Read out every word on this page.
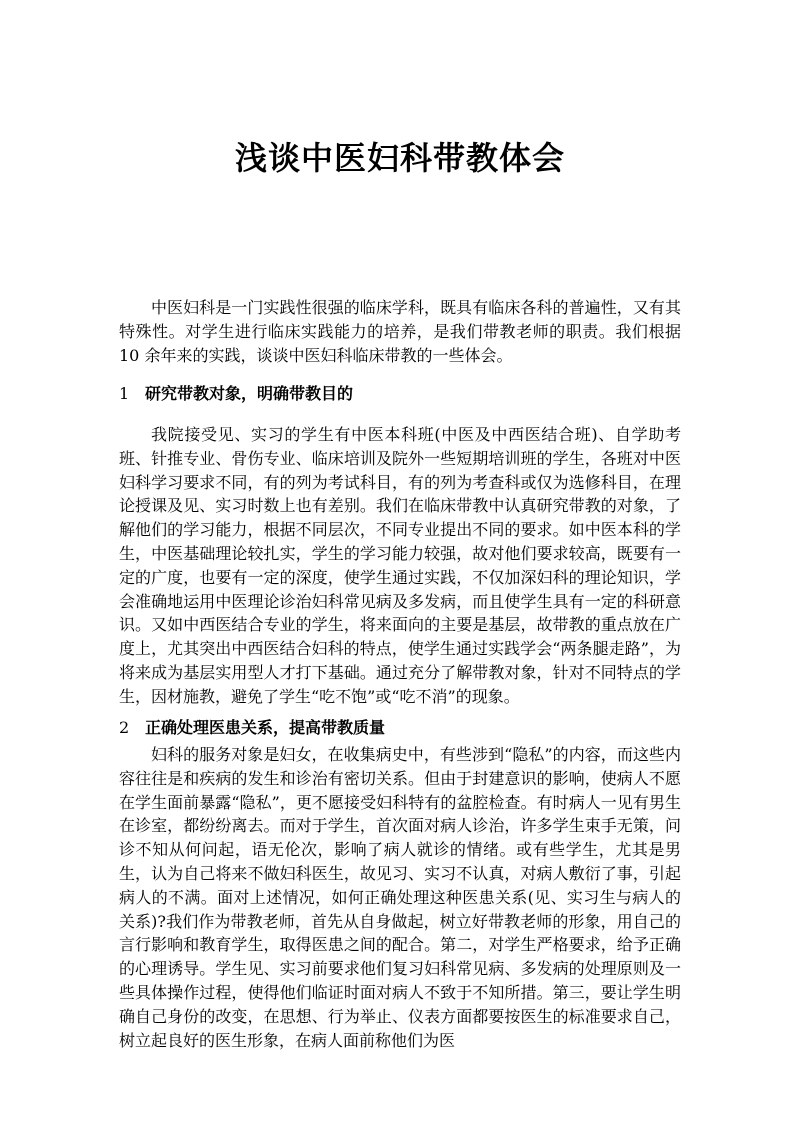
浅谈中医妇科带教体会

中医妇科是一门实践性很强的临床学科，既具有临床各科的普遍性，又有其特殊性。对学生进行临床实践能力的培养，是我们带教老师的职责。我们根据 10 余年来的实践，谈谈中医妇科临床带教的一些体会。

1 研究带教对象，明确带教目的

我院接受见、实习的学生有中医本科班(中医及中西医结合班)、自学助考班、针推专业、骨伤专业、临床培训及院外一些短期培训班的学生，各班对中医妇科学习要求不同，有的列为考试科目，有的列为考查科或仅为选修科目，在理论授课及见、实习时数上也有差别。我们在临床带教中认真研究带教的对象，了解他们的学习能力，根据不同层次，不同专业提出不同的要求。如中医本科的学生，中医基础理论较扎实，学生的学习能力较强，故对他们要求较高，既要有一定的广度，也要有一定的深度，使学生通过实践，不仅加深妇科的理论知识，学会准确地运用中医理论诊治妇科常见病及多发病，而且使学生具有一定的科研意识。又如中西医结合专业的学生，将来面向的主要是基层，故带教的重点放在广度上，尤其突出中西医结合妇科的特点，使学生通过实践学会“两条腿走路”，为将来成为基层实用型人才打下基础。通过充分了解带教对象，针对不同特点的学生，因材施教，避免了学生“吃不饱”或“吃不消”的现象。

2 正确处理医患关系，提高带教质量

妇科的服务对象是妇女，在收集病史中，有些涉到“隐私”的内容，而这些内容往往是和疾病的发生和诊治有密切关系。但由于封建意识的影响，使病人不愿在学生面前暴露“隐私”，更不愿接受妇科特有的盆腔检查。有时病人一见有男生在诊室，都纷纷离去。而对于学生，首次面对病人诊治，许多学生束手无策，问诊不知从何问起，语无伦次，影响了病人就诊的情绪。或有些学生，尤其是男生，认为自己将来不做妇科医生，故见习、实习不认真，对病人敷衍了事，引起病人的不满。面对上述情况，如何正确处理这种医患关系(见、实习生与病人的关系)?我们作为带教老师，首先从自身做起，树立好带教老师的形象，用自己的言行影响和教育学生，取得医患之间的配合。第二，对学生严格要求，给予正确的心理诱导。学生见、实习前要求他们复习妇科常见病、多发病的处理原则及一些具体操作过程，使得他们临证时面对病人不致于不知所措。第三，要让学生明确自己身份的改变，在思想、行为举止、仪表方面都要按医生的标准要求自己，树立起良好的医生形象，在病人面前称他们为医
